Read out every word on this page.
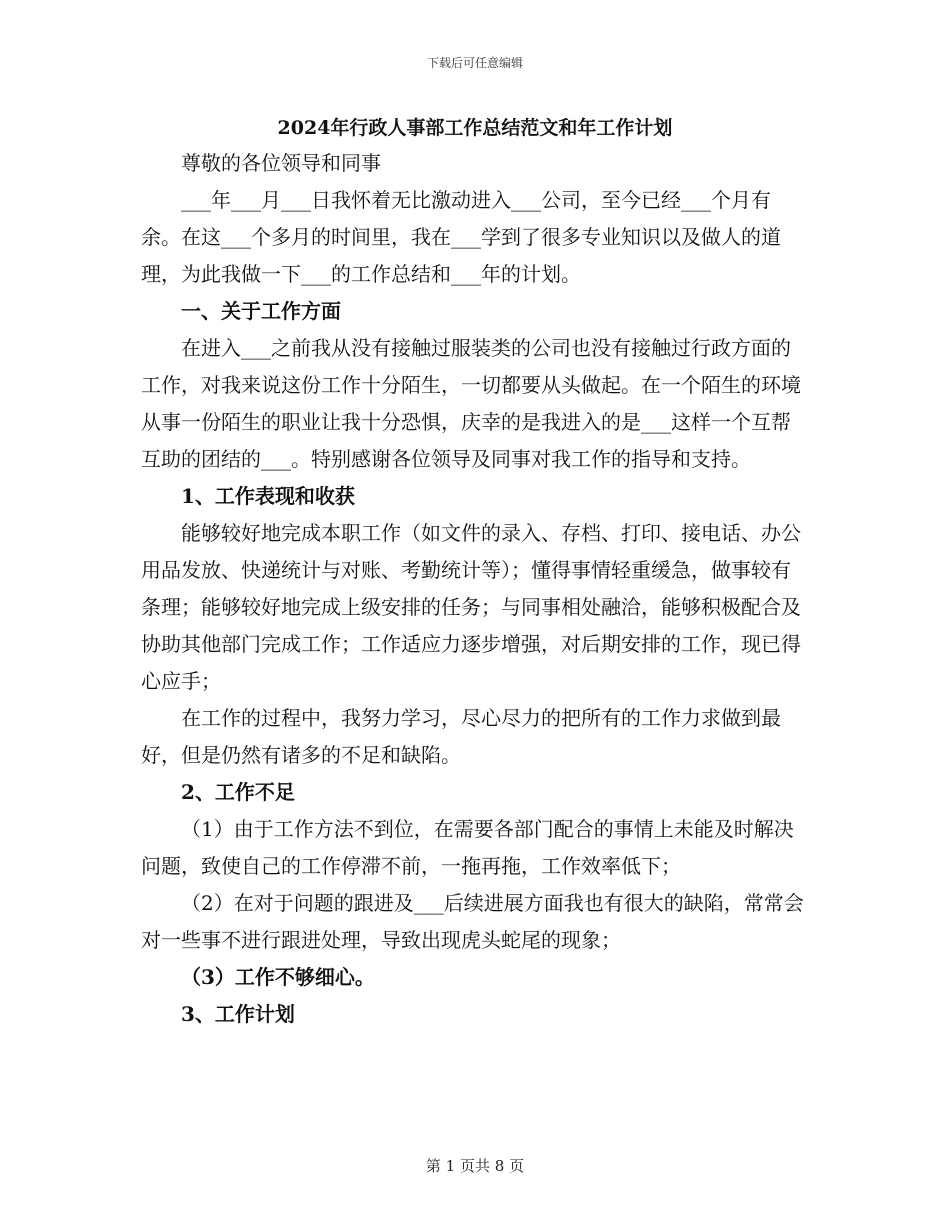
下载后可任意编辑
2024年行政人事部工作总结范文和年工作计划

尊敬的各位领导和同事

___年___月___日我怀着无比激动进入___公司，至今已经___个月有余。在这___个多月的时间里，我在___学到了很多专业知识以及做人的道理，为此我做一下___的工作总结和___年的计划。

一、关于工作方面

在进入___之前我从没有接触过服装类的公司也没有接触过行政方面的工作，对我来说这份工作十分陌生，一切都要从头做起。在一个陌生的环境从事一份陌生的职业让我十分恐惧，庆幸的是我进入的是___这样一个互帮互助的团结的___。特别感谢各位领导及同事对我工作的指导和支持。

1、工作表现和收获

能够较好地完成本职工作（如文件的录入、存档、打印、接电话、办公用品发放、快递统计与对账、考勤统计等）；懂得事情轻重缓急，做事较有条理；能够较好地完成上级安排的任务；与同事相处融洽，能够积极配合及协助其他部门完成工作；工作适应力逐步增强，对后期安排的工作，现已得心应手；

在工作的过程中，我努力学习，尽心尽力的把所有的工作力求做到最好，但是仍然有诸多的不足和缺陷。

2、工作不足

（1）由于工作方法不到位，在需要各部门配合的事情上未能及时解决问题，致使自己的工作停滞不前，一拖再拖，工作效率低下；

（2）在对于问题的跟进及___后续进展方面我也有很大的缺陷，常常会对一些事不进行跟进处理，导致出现虎头蛇尾的现象；

（3）工作不够细心。

3、工作计划

第 1 页共 8 页
